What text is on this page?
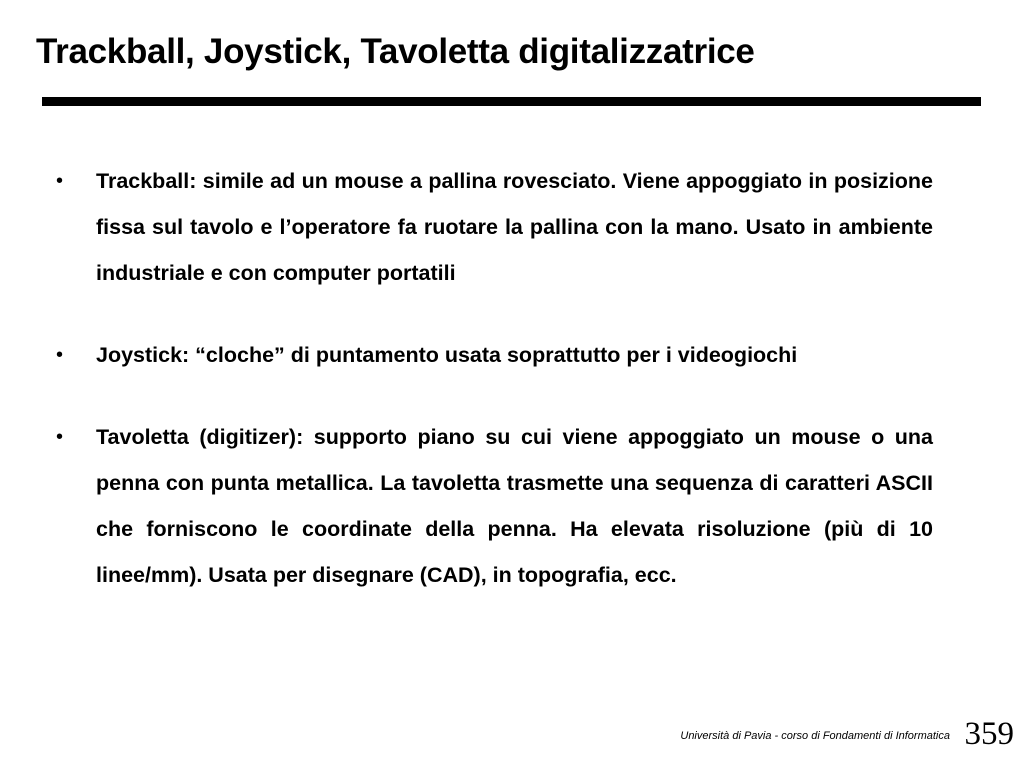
Trackball, Joystick, Tavoletta digitalizzatrice
• Trackball: simile ad un mouse a pallina rovesciato. Viene appoggiato in posizione fissa sul tavolo e l’operatore fa ruotare la pallina con la mano. Usato in ambiente industriale e con computer portatili
• Joystick: “cloche” di puntamento usata soprattutto per i videogiochi
• Tavoletta (digitizer): supporto piano su cui viene appoggiato un mouse o una penna con punta metallica. La tavoletta trasmette una sequenza di caratteri ASCII che forniscono le coordinate della penna. Ha elevata risoluzione (più di 10 linee/mm). Usata per disegnare (CAD), in topografia, ecc.
Università di Pavia - corso di Fondamenti di Informatica 359
